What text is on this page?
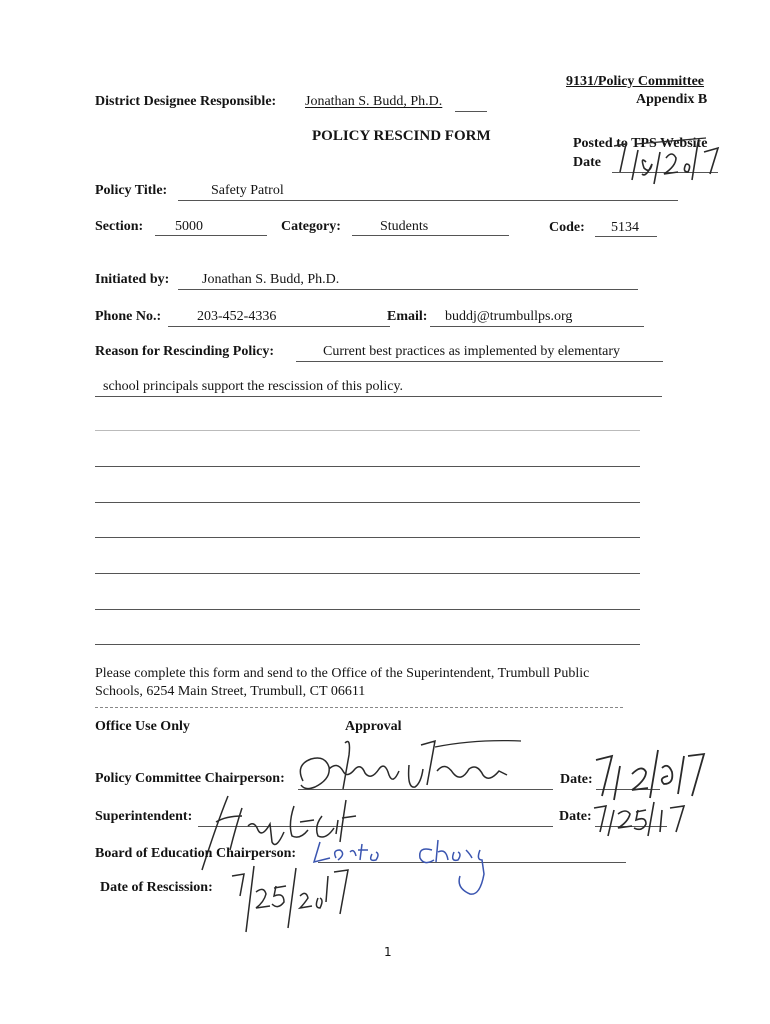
9131/Policy Committee
Appendix B
District Designee Responsible: Jonathan S. Budd, Ph.D.
POLICY RESCIND FORM	Posted to TPS Website
Date
Policy Title:	Safety Patrol
Section: 5000	Category:	Students	Code: 5134
Initiated by: Jonathan S. Budd, Ph.D.
Phone No.:	203-452-4336	Email: buddj@trumbullps.org
Reason for Rescinding Policy:	Current best practices as implemented by elementary
school principals support the rescission of this policy.
Please complete this form and send to the Office of the Superintendent, Trumbull Public
Schools, 6254 Main Street, Trumbull, CT 06611
Office Use Only	Approval
Policy Committee Chairperson:	Date:
Superintendent:	Date:
Board of Education Chairperson:
Date of Rescission:
1
